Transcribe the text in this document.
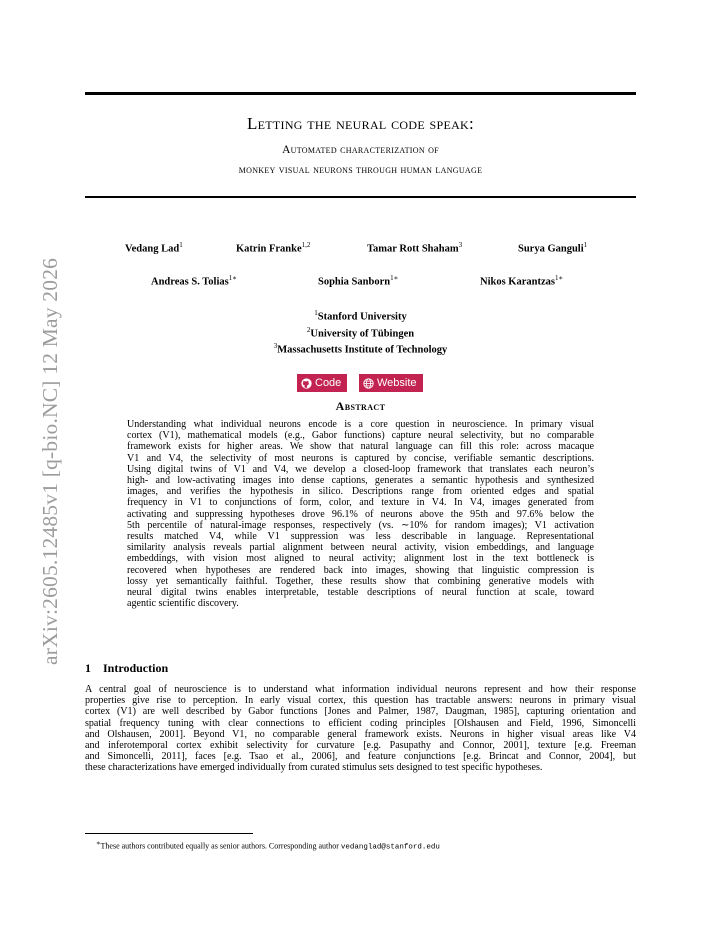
arXiv:2605.12485v1 [q-bio.NC] 12 May 2026
Letting the neural code speak:
Automated characterization of
monkey visual neurons through human language
Vedang Lad$^1$	Katrin Franke$^{1,2}$	Tamar Rott Shaham$^3$	Surya Ganguli$^1$
Andreas S. Tolias$^{1∗}$	Sophia Sanborn$^{1∗}$	Nikos Karantzas$^{1∗}$
$^1$Stanford University
$^2$University of Tübingen
$^3$Massachusetts Institute of Technology
Code	Website
Abstract
Understanding what individual neurons encode is a core question in neuroscience. In primary visual
cortex (V1), mathematical models (e.g., Gabor functions) capture neural selectivity, but no comparable
framework exists for higher areas. We show that natural language can fill this role: across macaque
V1 and V4, the selectivity of most neurons is captured by concise, verifiable semantic descriptions.
Using digital twins of V1 and V4, we develop a closed-loop framework that translates each neuron’s
high- and low-activating images into dense captions, generates a semantic hypothesis and synthesized
images, and verifies the hypothesis in silico. Descriptions range from oriented edges and spatial
frequency in V1 to conjunctions of form, color, and texture in V4. In V4, images generated from
activating and suppressing hypotheses drove 96.1% of neurons above the 95th and 97.6% below the
5th percentile of natural-image responses, respectively (vs. ∼10% for random images); V1 activation
results matched V4, while V1 suppression was less describable in language. Representational
similarity analysis reveals partial alignment between neural activity, vision embeddings, and language
embeddings, with vision most aligned to neural activity; alignment lost in the text bottleneck is
recovered when hypotheses are rendered back into images, showing that linguistic compression is
lossy yet semantically faithful. Together, these results show that combining generative models with
neural digital twins enables interpretable, testable descriptions of neural function at scale, toward
agentic scientific discovery.
1 Introduction
A central goal of neuroscience is to understand what information individual neurons represent and how their response
properties give rise to perception. In early visual cortex, this question has tractable answers: neurons in primary visual
cortex (V1) are well described by Gabor functions [Jones and Palmer, 1987, Daugman, 1985], capturing orientation and
spatial frequency tuning with clear connections to efficient coding principles [Olshausen and Field, 1996, Simoncelli
and Olshausen, 2001]. Beyond V1, no comparable general framework exists. Neurons in higher visual areas like V4
and inferotemporal cortex exhibit selectivity for curvature [e.g. Pasupathy and Connor, 2001], texture [e.g. Freeman
and Simoncelli, 2011], faces [e.g. Tsao et al., 2006], and feature conjunctions [e.g. Brincat and Connor, 2004], but
these characterizations have emerged individually from curated stimulus sets designed to test specific hypotheses.
∗These authors contributed equally as senior authors. Corresponding author vedanglad@stanford.edu
